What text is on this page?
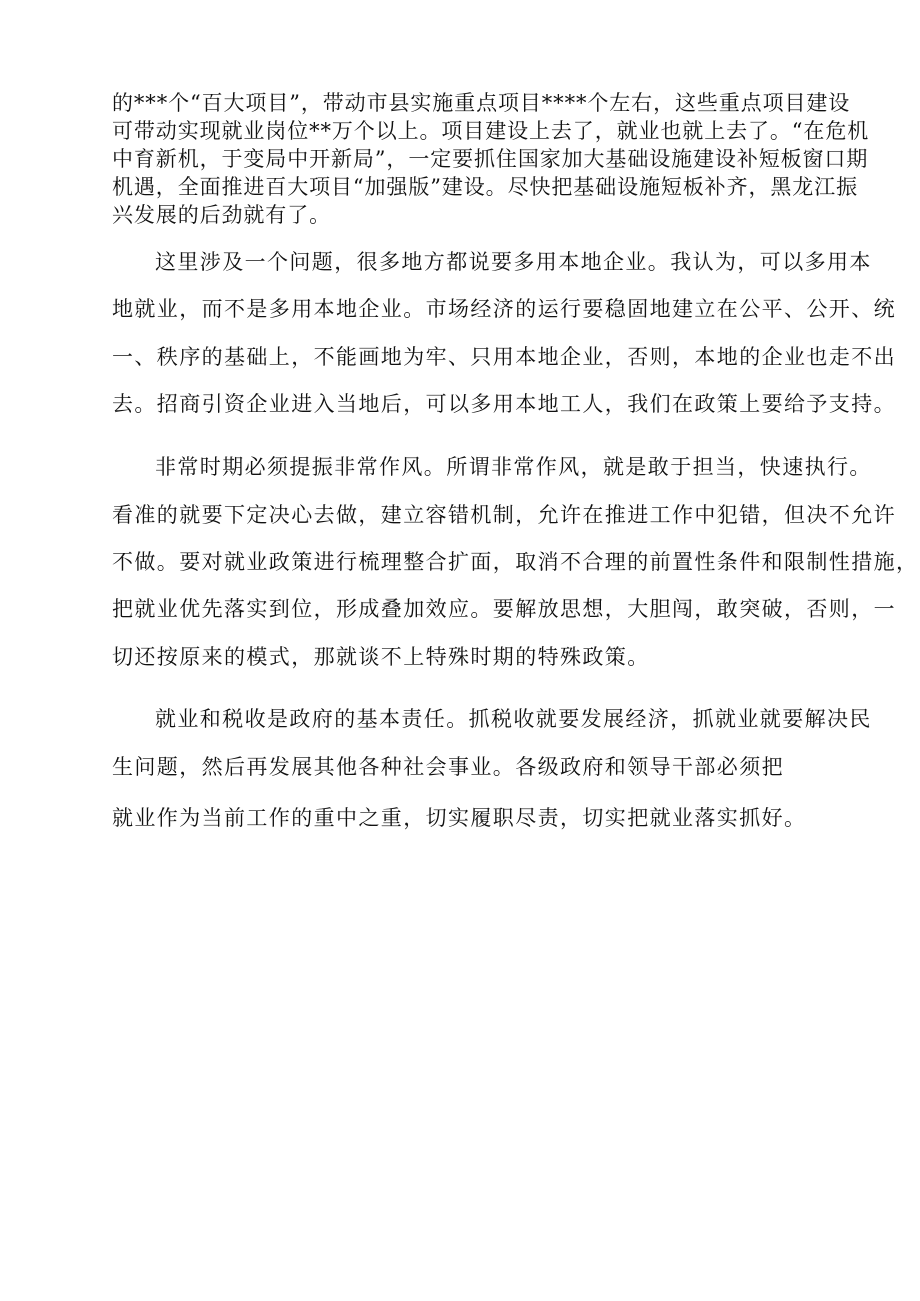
的***个“百大项目”，带动市县实施重点项目****个左右，这些重点项目建设
可带动实现就业岗位**万个以上。项目建设上去了，就业也就上去了。“在危机
中育新机，于变局中开新局”，一定要抓住国家加大基础设施建设补短板窗口期
机遇，全面推进百大项目“加强版”建设。尽快把基础设施短板补齐，黑龙江振
兴发展的后劲就有了。
这里涉及一个问题，很多地方都说要多用本地企业。我认为，可以多用本
地就业，而不是多用本地企业。市场经济的运行要稳固地建立在公平、公开、统
一、秩序的基础上，不能画地为牢、只用本地企业，否则，本地的企业也走不出
去。招商引资企业进入当地后，可以多用本地工人，我们在政策上要给予支持。
非常时期必须提振非常作风。所谓非常作风，就是敢于担当，快速执行。
看准的就要下定决心去做，建立容错机制，允许在推进工作中犯错，但决不允许
不做。要对就业政策进行梳理整合扩面，取消不合理的前置性条件和限制性措施，
把就业优先落实到位，形成叠加效应。要解放思想，大胆闯，敢突破，否则，一
切还按原来的模式，那就谈不上特殊时期的特殊政策。
就业和税收是政府的基本责任。抓税收就要发展经济，抓就业就要解决民
生问题，然后再发展其他各种社会事业。各级政府和领导干部必须把
就业作为当前工作的重中之重，切实履职尽责，切实把就业落实抓好。
